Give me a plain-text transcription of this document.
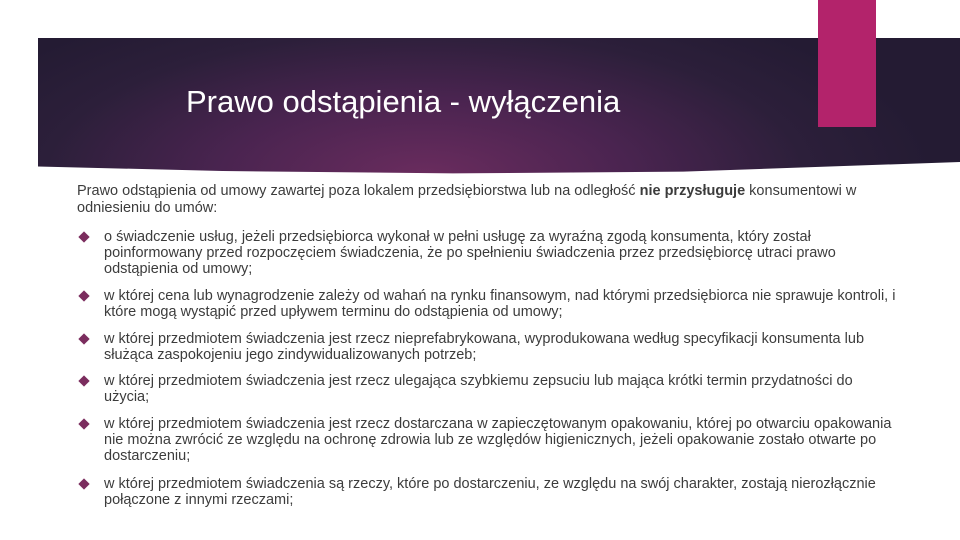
Prawo odstąpienia - wyłączenia

Prawo odstąpienia od umowy zawartej poza lokalem przedsiębiorstwa lub na odległość nie przysługuje konsumentowi w odniesieniu do umów:

o świadczenie usług, jeżeli przedsiębiorca wykonał w pełni usługę za wyraźną zgodą konsumenta, który został poinformowany przed rozpoczęciem świadczenia, że po spełnieniu świadczenia przez przedsiębiorcę utraci prawo odstąpienia od umowy;
w której cena lub wynagrodzenie zależy od wahań na rynku finansowym, nad którymi przedsiębiorca nie sprawuje kontroli, i które mogą wystąpić przed upływem terminu do odstąpienia od umowy;
w której przedmiotem świadczenia jest rzecz nieprefabrykowana, wyprodukowana według specyfikacji konsumenta lub służąca zaspokojeniu jego zindywidualizowanych potrzeb;
w której przedmiotem świadczenia jest rzecz ulegająca szybkiemu zepsuciu lub mająca krótki termin przydatności do użycia;
w której przedmiotem świadczenia jest rzecz dostarczana w zapieczętowanym opakowaniu, której po otwarciu opakowania nie można zwrócić ze względu na ochronę zdrowia lub ze względów higienicznych, jeżeli opakowanie zostało otwarte po dostarczeniu;
w której przedmiotem świadczenia są rzeczy, które po dostarczeniu, ze względu na swój charakter, zostają nierozłącznie połączone z innymi rzeczami;
